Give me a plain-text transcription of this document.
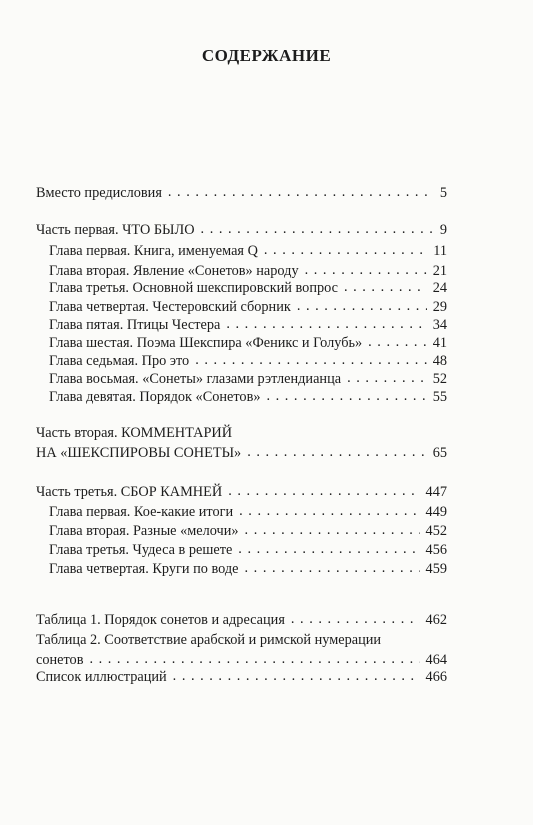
СОДЕРЖАНИЕ
Вместо предисловия . . .	5
Часть первая. ЧТО БЫЛО . . .	9
Глава первая. Книга, именуемая Q . . .	11
Глава вторая. Явление «Сонетов» народу . . .	21
Глава третья. Основной шекспировский вопрос . . .	24
Глава четвертая. Честеровский сборник . . .	29
Глава пятая. Птицы Честера . . .	34
Глава шестая. Поэма Шекспира «Феникс и Голубь» . . .	41
Глава седьмая. Про это . . .	48
Глава восьмая. «Сонеты» глазами рэтлендианца . . .	52
Глава девятая. Порядок «Сонетов» . . .	55
Часть вторая. КОММЕНТАРИЙ
НА «ШЕКСПИРОВЫ СОНЕТЫ» . . .	65
Часть третья. СБОР КАМНЕЙ . . .	447
Глава первая. Кое-какие итоги . . .	449
Глава вторая. Разные «мелочи» . . .	452
Глава третья. Чудеса в решете . . .	456
Глава четвертая. Круги по воде . . .	459
Таблица 1. Порядок сонетов и адресация . . .	462
Таблица 2. Соответствие арабской и римской нумерации
сонетов . . .	464
Список иллюстраций . . .	466
